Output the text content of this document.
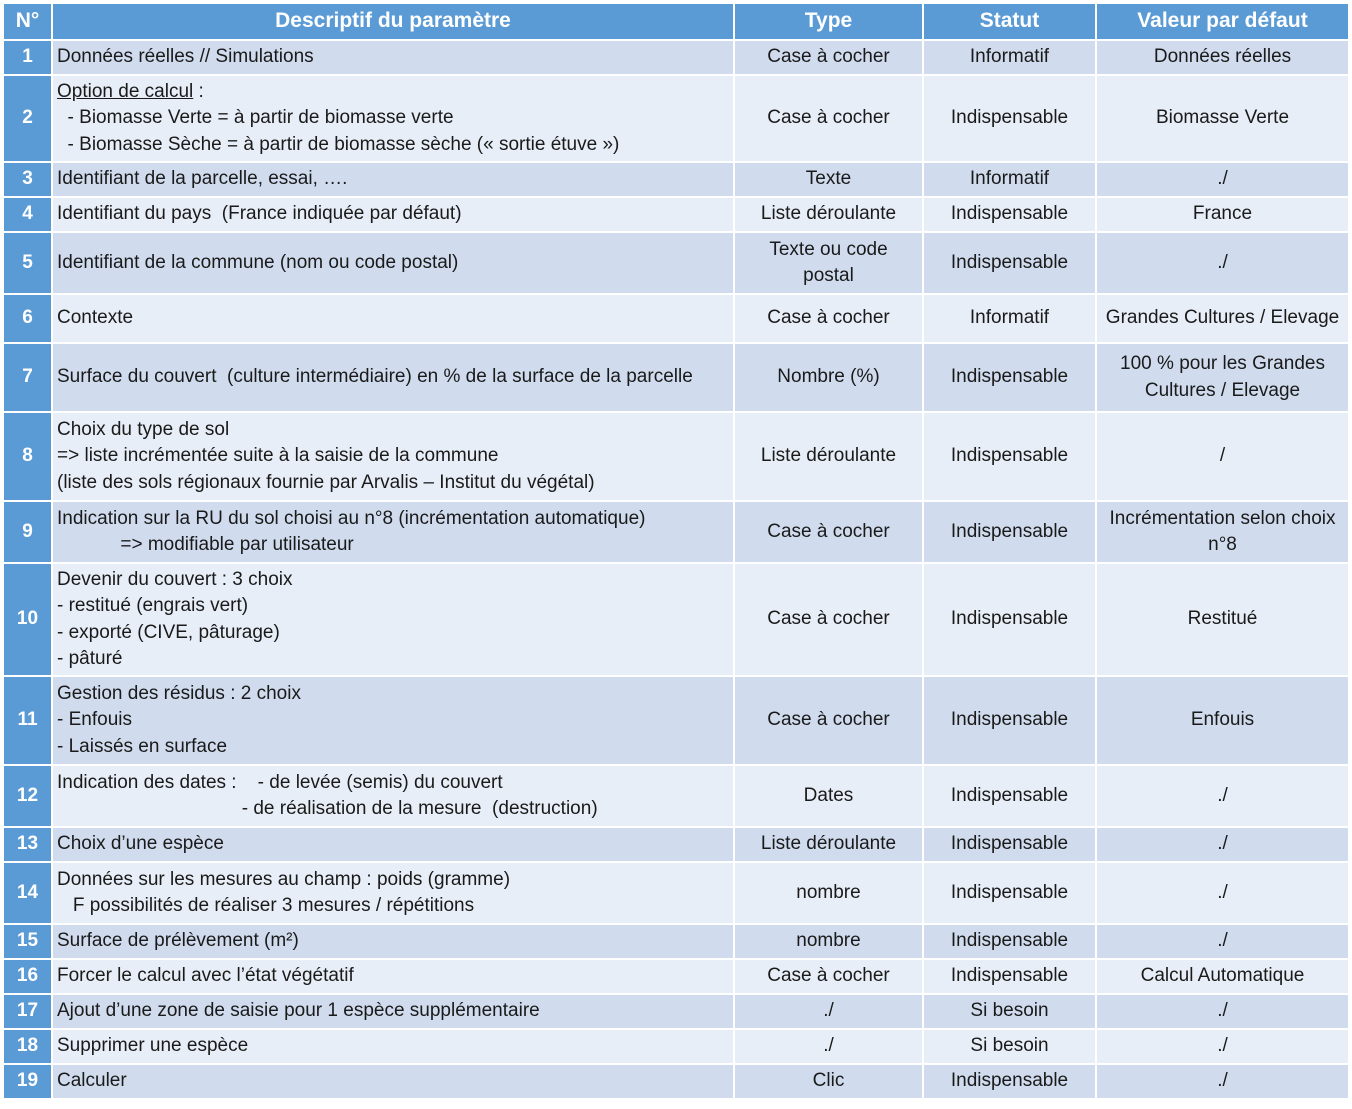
N°	Descriptif du paramètre	Type	Statut	Valeur par défaut
1	Données réelles // Simulations	Case à cocher	Informatif	Données réelles

2	Option de calcul :
- Biomasse Verte = à partir de biomasse verte
- Biomasse Sèche = à partir de biomasse sèche (« sortie étuve »)	Case à cocher	Indispensable	Biomasse Verte

3	Identifiant de la parcelle, essai, ….	Texte	Informatif	./

4	Identifiant du pays  (France indiquée par défaut)	Liste déroulante	Indispensable	France

5	Identifiant de la commune (nom ou code postal)	Texte ou code
postal	Indispensable	./

6	Contexte	Case à cocher	Informatif	Grandes Cultures / Elevage

7	Surface du couvert  (culture intermédiaire) en % de la surface de la parcelle	Nombre (%)	Indispensable	100 % pour les Grandes
Cultures / Elevage

8	Choix du type de sol
=> liste incrémentée suite à la saisie de la commune
(liste des sols régionaux fournie par Arvalis – Institut du végétal)	Liste déroulante	Indispensable	/

9	Indication sur la RU du sol choisi au n°8 (incrémentation automatique)
=> modifiable par utilisateur	Case à cocher	Indispensable	Incrémentation selon choix
n°8

10	Devenir du couvert : 3 choix
- restitué (engrais vert)
- exporté (CIVE, pâturage)
- pâturé	Case à cocher	Indispensable	Restitué

11	Gestion des résidus : 2 choix
- Enfouis
- Laissés en surface	Case à cocher	Indispensable	Enfouis

12	Indication des dates :    - de levée (semis) du couvert
- de réalisation de la mesure  (destruction)	Dates	Indispensable	./

13	Choix d’une espèce	Liste déroulante	Indispensable	./

14	Données sur les mesures au champ : poids (gramme)
F possibilités de réaliser 3 mesures / répétitions	nombre	Indispensable	./

15	Surface de prélèvement (m²)	nombre	Indispensable	./

16	Forcer le calcul avec l’état végétatif	Case à cocher	Indispensable	Calcul Automatique

17	Ajout d’une zone de saisie pour 1 espèce supplémentaire	./	Si besoin	./

18	Supprimer une espèce	./	Si besoin	./

19	Calculer	Clic	Indispensable	./
